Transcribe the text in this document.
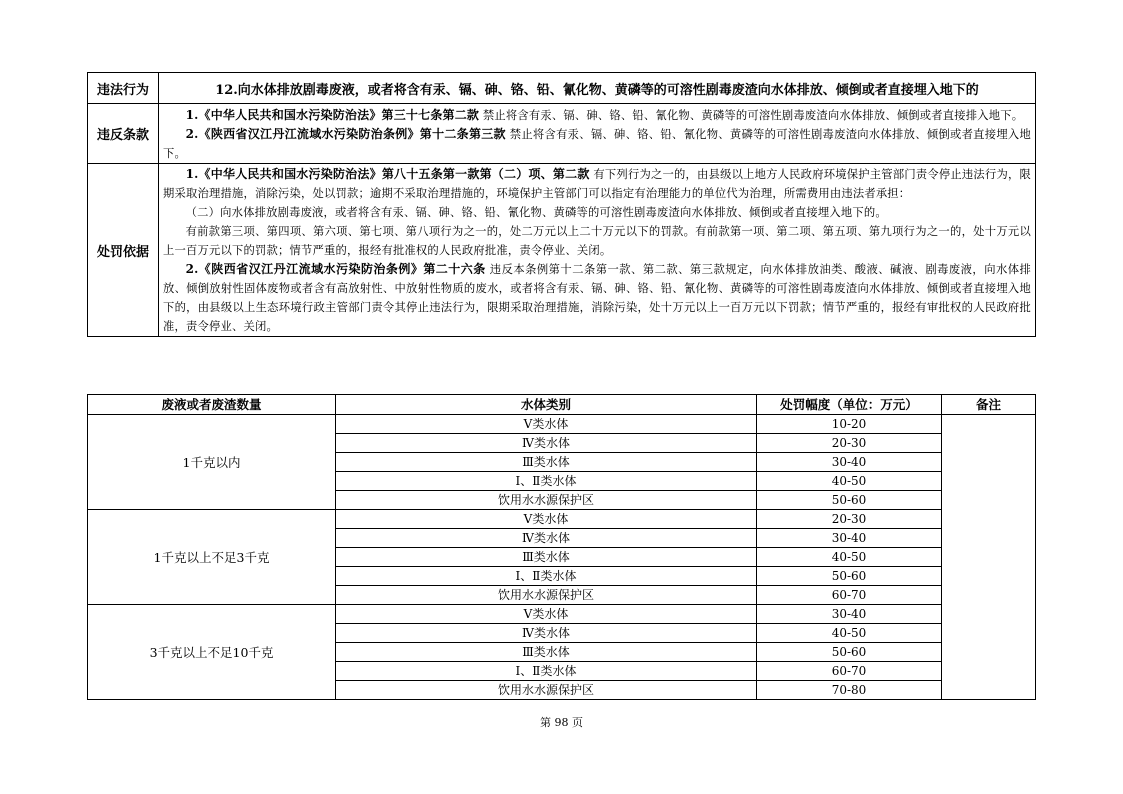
违法行为	12.向水体排放剧毒废液，或者将含有汞、镉、砷、铬、铅、氰化物、黄磷等的可溶性剧毒废渣向水体排放、倾倒或者直接埋入地下的
违反条款	1.《中华人民共和国水污染防治法》第三十七条第二款 禁止将含有汞、镉、砷、铬、铅、氰化物、黄磷等的可溶性剧毒废渣向水体排放、倾倒或者直接排入地下。

2.《陕西省汉江丹江流域水污染防治条例》第十二条第三款 禁止将含有汞、镉、砷、铬、铅、氰化物、黄磷等的可溶性剧毒废渣向水体排放、倾倒或者直接埋入地下。

处罚依据	1.《中华人民共和国水污染防治法》第八十五条第一款第（二）项、第二款 有下列行为之一的，由县级以上地方人民政府环境保护主管部门责令停止违法行为，限期采取治理措施，消除污染，处以罚款；逾期不采取治理措施的，环境保护主管部门可以指定有治理能力的单位代为治理，所需费用由违法者承担：

（二）向水体排放剧毒废液，或者将含有汞、镉、砷、铬、铅、氰化物、黄磷等的可溶性剧毒废渣向水体排放、倾倒或者直接埋入地下的。

有前款第三项、第四项、第六项、第七项、第八项行为之一的，处二万元以上二十万元以下的罚款。有前款第一项、第二项、第五项、第九项行为之一的，处十万元以上一百万元以下的罚款；情节严重的，报经有批准权的人民政府批准，责令停业、关闭。

2.《陕西省汉江丹江流域水污染防治条例》第二十六条 违反本条例第十二条第一款、第二款、第三款规定，向水体排放油类、酸液、碱液、剧毒废液，向水体排放、倾倒放射性固体废物或者含有高放射性、中放射性物质的废水，或者将含有汞、镉、砷、铬、铅、氰化物、黄磷等的可溶性剧毒废渣向水体排放、倾倒或者直接埋入地下的，由县级以上生态环境行政主管部门责令其停止违法行为，限期采取治理措施，消除污染，处十万元以上一百万元以下罚款；情节严重的，报经有审批权的人民政府批准，责令停业、关闭。

废液或者废渣数量	水体类别	处罚幅度（单位：万元）	备注
1千克以内	Ⅴ类水体	10-20	
	Ⅳ类水体	20-30	
	Ⅲ类水体	30-40	
	Ⅰ、Ⅱ类水体	40-50	
	饮用水水源保护区	50-60	
1千克以上不足3千克	Ⅴ类水体	20-30	
	Ⅳ类水体	30-40	
	Ⅲ类水体	40-50	
	Ⅰ、Ⅱ类水体	50-60	
	饮用水水源保护区	60-70	
3千克以上不足10千克	Ⅴ类水体	30-40	
	Ⅳ类水体	40-50	
	Ⅲ类水体	50-60	
	Ⅰ、Ⅱ类水体	60-70	
	饮用水水源保护区	70-80	
第 98 页
